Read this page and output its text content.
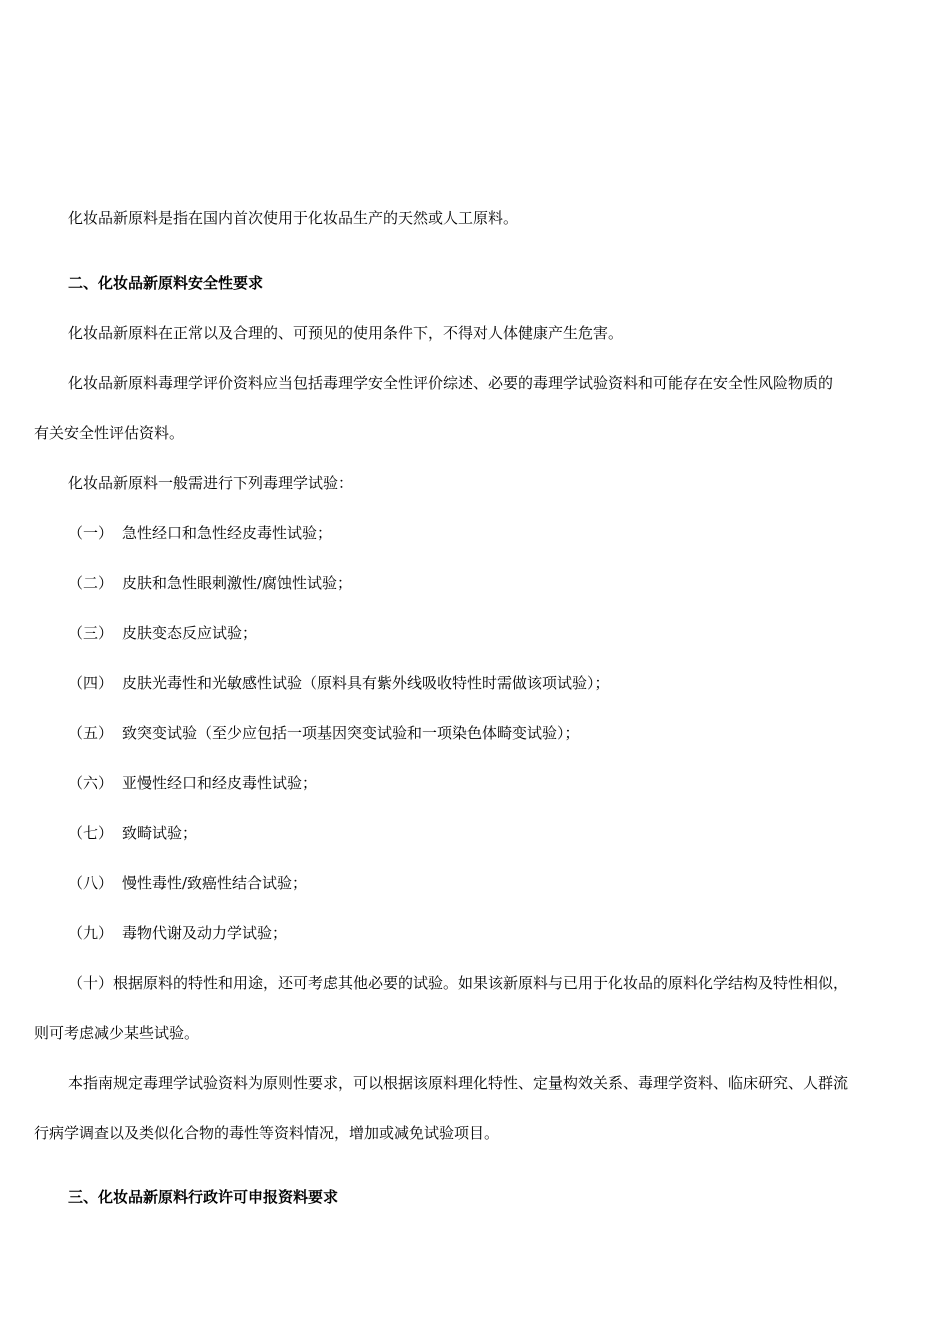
化妆品新原料是指在国内首次使用于化妆品生产的天然或人工原料。

二、化妆品新原料安全性要求

化妆品新原料在正常以及合理的、可预见的使用条件下，不得对人体健康产生危害。

化妆品新原料毒理学评价资料应当包括毒理学安全性评价综述、必要的毒理学试验资料和可能存在安全性风险物质的

有关安全性评估资料。

化妆品新原料一般需进行下列毒理学试验：

（一） 急性经口和急性经皮毒性试验；
（二） 皮肤和急性眼刺激性/腐蚀性试验；
（三） 皮肤变态反应试验；
（四） 皮肤光毒性和光敏感性试验（原料具有紫外线吸收特性时需做该项试验）；
（五） 致突变试验（至少应包括一项基因突变试验和一项染色体畸变试验）；
（六） 亚慢性经口和经皮毒性试验；
（七） 致畸试验；
（八） 慢性毒性/致癌性结合试验；
（九） 毒物代谢及动力学试验；

（十）根据原料的特性和用途，还可考虑其他必要的试验。如果该新原料与已用于化妆品的原料化学结构及特性相似，

则可考虑减少某些试验。

本指南规定毒理学试验资料为原则性要求，可以根据该原料理化特性、定量构效关系、毒理学资料、临床研究、人群流

行病学调查以及类似化合物的毒性等资料情况，增加或减免试验项目。

三、化妆品新原料行政许可申报资料要求
